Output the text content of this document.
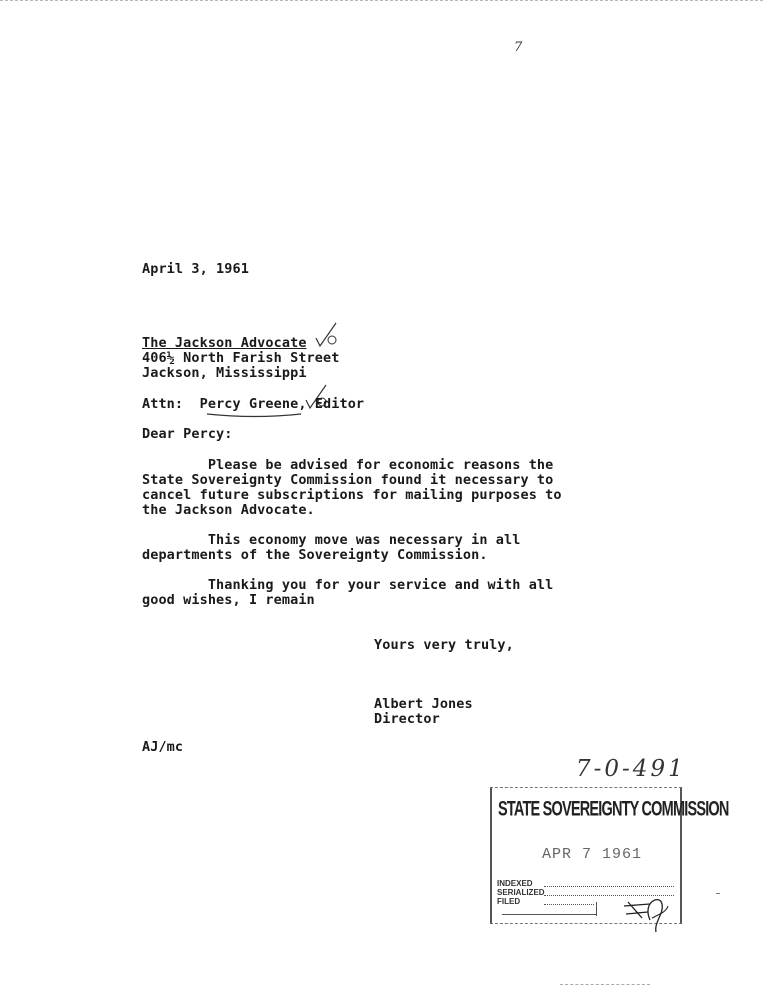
7
April 3, 1961
The Jackson Advocate
406½ North Farish Street
Jackson, Mississippi
Attn: Percy Greene, Editor
Dear Percy:
Please be advised for economic reasons the
State Sovereignty Commission found it necessary to
cancel future subscriptions for mailing purposes to
the Jackson Advocate.
This economy move was necessary in all
departments of the Sovereignty Commission.
Thanking you for your service and with all
good wishes, I remain
Yours very truly,
Albert Jones
Director
AJ/mc
7-0-491
STATE SOVEREIGNTY COMMISSION
APR 7 1961
INDEXED
SERIALIZED
FILED
